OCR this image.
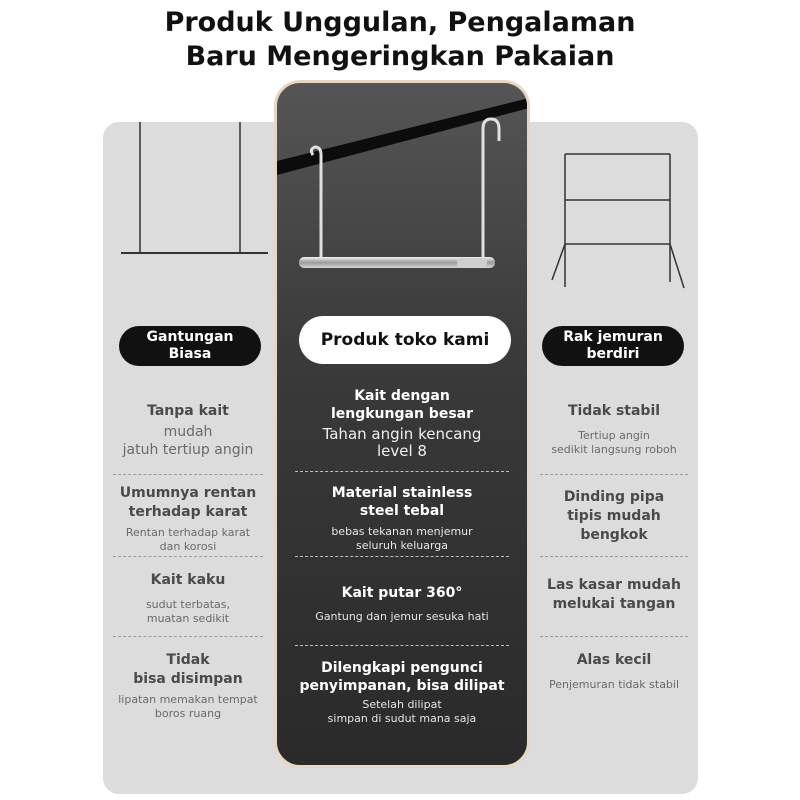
Produk Unggulan, Pengalaman
Baru Mengeringkan Pakaian
Gantungan
Biasa
Tanpa kait
mudah
jatuh tertiup angin
Umumnya rentan
terhadap karat
Rentan terhadap karat
dan korosi
Kait kaku
sudut terbatas,
muatan sedikit
Tidak
bisa disimpan
lipatan memakan tempat
boros ruang
Rak jemuran
berdiri
Tidak stabil
Tertiup angin
sedikit langsung roboh
Dinding pipa
tipis mudah
bengkok
Las kasar mudah
melukai tangan
Alas kecil
Penjemuran tidak stabil
Produk toko kami
Kait dengan
lengkungan besar
Tahan angin kencang
level 8
Material stainless
steel tebal
bebas tekanan menjemur
seluruh keluarga
Kait putar 360°
Gantung dan jemur sesuka hati
Dilengkapi pengunci
penyimpanan, bisa dilipat
Setelah dilipat
simpan di sudut mana saja
